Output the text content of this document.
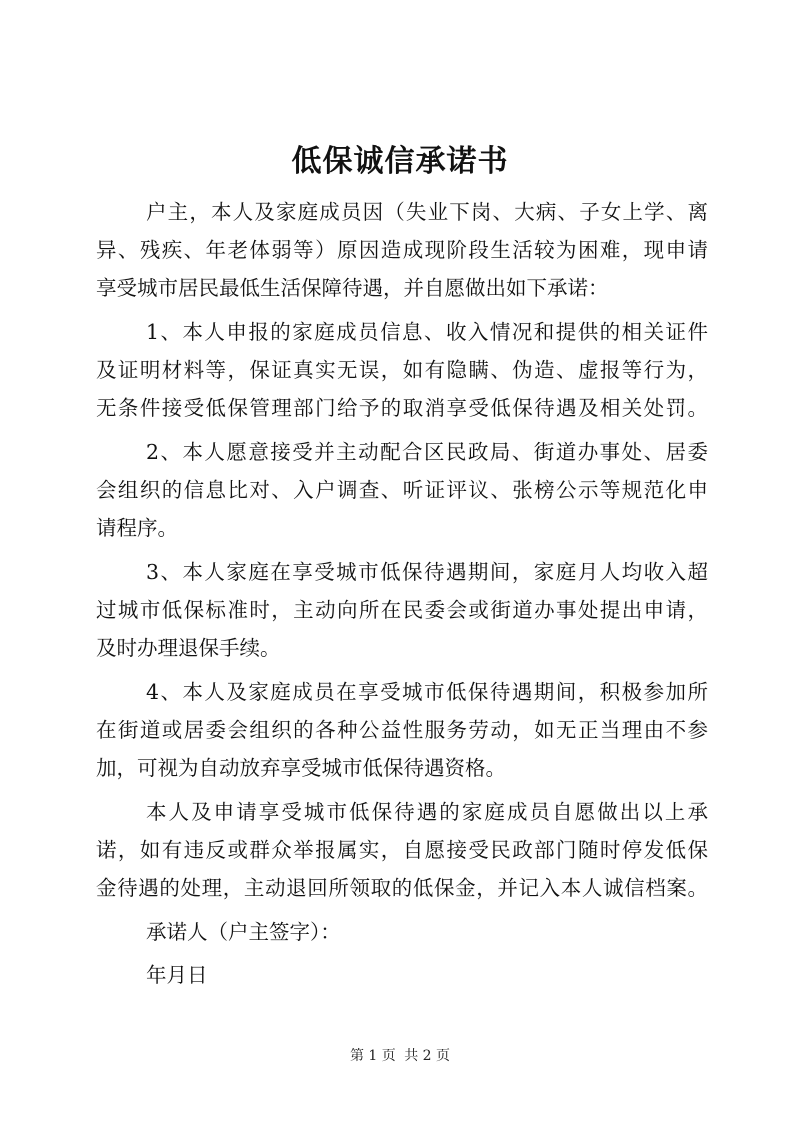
低保诚信承诺书

户主，本人及家庭成员因（失业下岗、大病、子女上学、离

异、残疾、年老体弱等）原因造成现阶段生活较为困难，现申请

享受城市居民最低生活保障待遇，并自愿做出如下承诺：

1、本人申报的家庭成员信息、收入情况和提供的相关证件

及证明材料等，保证真实无误，如有隐瞒、伪造、虚报等行为，

无条件接受低保管理部门给予的取消享受低保待遇及相关处罚。

2、本人愿意接受并主动配合区民政局、街道办事处、居委

会组织的信息比对、入户调查、听证评议、张榜公示等规范化申

请程序。

3、本人家庭在享受城市低保待遇期间，家庭月人均收入超

过城市低保标准时，主动向所在民委会或街道办事处提出申请，

及时办理退保手续。

4、本人及家庭成员在享受城市低保待遇期间，积极参加所

在街道或居委会组织的各种公益性服务劳动，如无正当理由不参

加，可视为自动放弃享受城市低保待遇资格。

本人及申请享受城市低保待遇的家庭成员自愿做出以上承

诺，如有违反或群众举报属实，自愿接受民政部门随时停发低保

金待遇的处理，主动退回所领取的低保金，并记入本人诚信档案。

承诺人（户主签字）：

年月日

第 1 页 共 2 页
